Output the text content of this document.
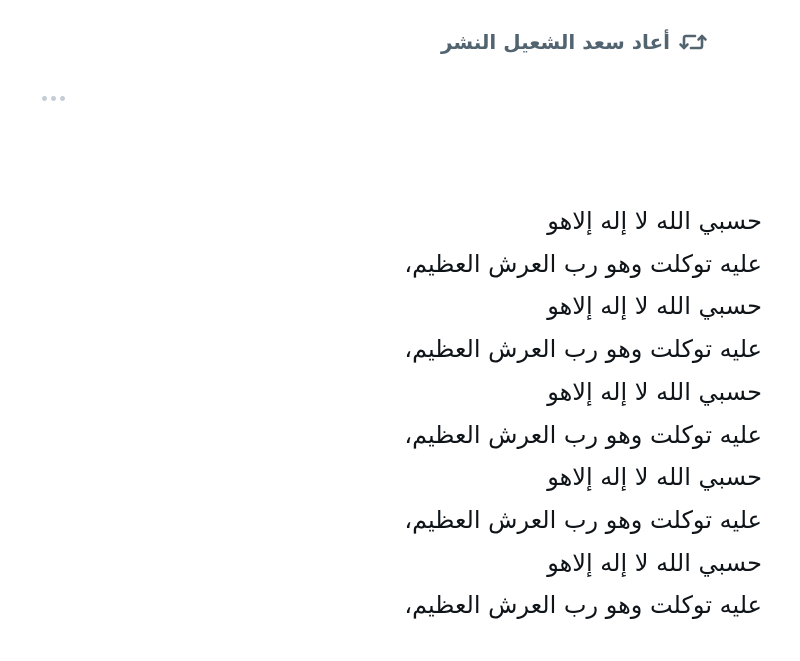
أعاد سعد الشعيل النشر
حسبي الله لا إله إلاهو
عليه توكلت وهو رب العرش العظيم،
حسبي الله لا إله إلاهو
عليه توكلت وهو رب العرش العظيم،
حسبي الله لا إله إلاهو
عليه توكلت وهو رب العرش العظيم،
حسبي الله لا إله إلاهو
عليه توكلت وهو رب العرش العظيم،
حسبي الله لا إله إلاهو
عليه توكلت وهو رب العرش العظيم،
